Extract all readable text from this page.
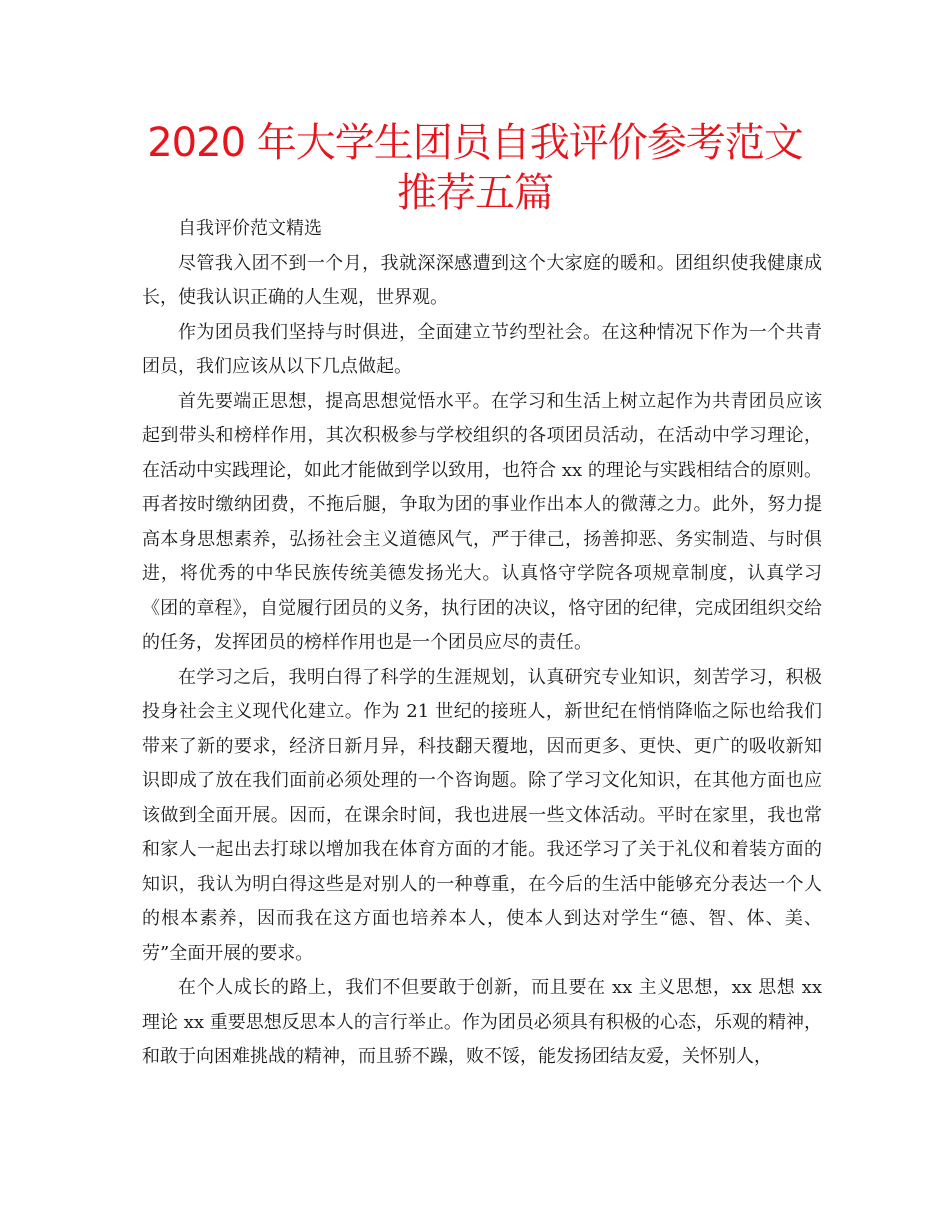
2020 年大学生团员自我评价参考范文推荐五篇

自我评价范文精选

尽管我入团不到一个月，我就深深感遭到这个大家庭的暖和。团组织使我健康成长，使我认识正确的人生观，世界观。

作为团员我们坚持与时俱进，全面建立节约型社会。在这种情况下作为一个共青团员，我们应该从以下几点做起。

首先要端正思想，提高思想觉悟水平。在学习和生活上树立起作为共青团员应该起到带头和榜样作用，其次积极参与学校组织的各项团员活动，在活动中学习理论，在活动中实践理论，如此才能做到学以致用，也符合 xx 的理论与实践相结合的原则。再者按时缴纳团费，不拖后腿，争取为团的事业作出本人的微薄之力。此外，努力提高本身思想素养，弘扬社会主义道德风气，严于律己，扬善抑恶、务实制造、与时俱进，将优秀的中华民族传统美德发扬光大。认真恪守学院各项规章制度，认真学习《团的章程》，自觉履行团员的义务，执行团的决议，恪守团的纪律，完成团组织交给的任务，发挥团员的榜样作用也是一个团员应尽的责任。

在学习之后，我明白得了科学的生涯规划，认真研究专业知识，刻苦学习，积极投身社会主义现代化建立。作为 21 世纪的接班人，新世纪在悄悄降临之际也给我们带来了新的要求，经济日新月异，科技翻天覆地，因而更多、更快、更广的吸收新知识即成了放在我们面前必须处理的一个咨询题。除了学习文化知识，在其他方面也应该做到全面开展。因而，在课余时间，我也进展一些文体活动。平时在家里，我也常和家人一起出去打球以增加我在体育方面的才能。我还学习了关于礼仪和着装方面的知识，我认为明白得这些是对别人的一种尊重，在今后的生活中能够充分表达一个人的根本素养，因而我在这方面也培养本人，使本人到达对学生“德、智、体、美、劳”全面开展的要求。

在个人成长的路上，我们不但要敢于创新，而且要在 xx 主义思想，xx 思想 xx 理论 xx 重要思想反思本人的言行举止。作为团员必须具有积极的心态，乐观的精神，和敢于向困难挑战的精神，而且骄不躁，败不馁，能发扬团结友爱，关怀别人，
